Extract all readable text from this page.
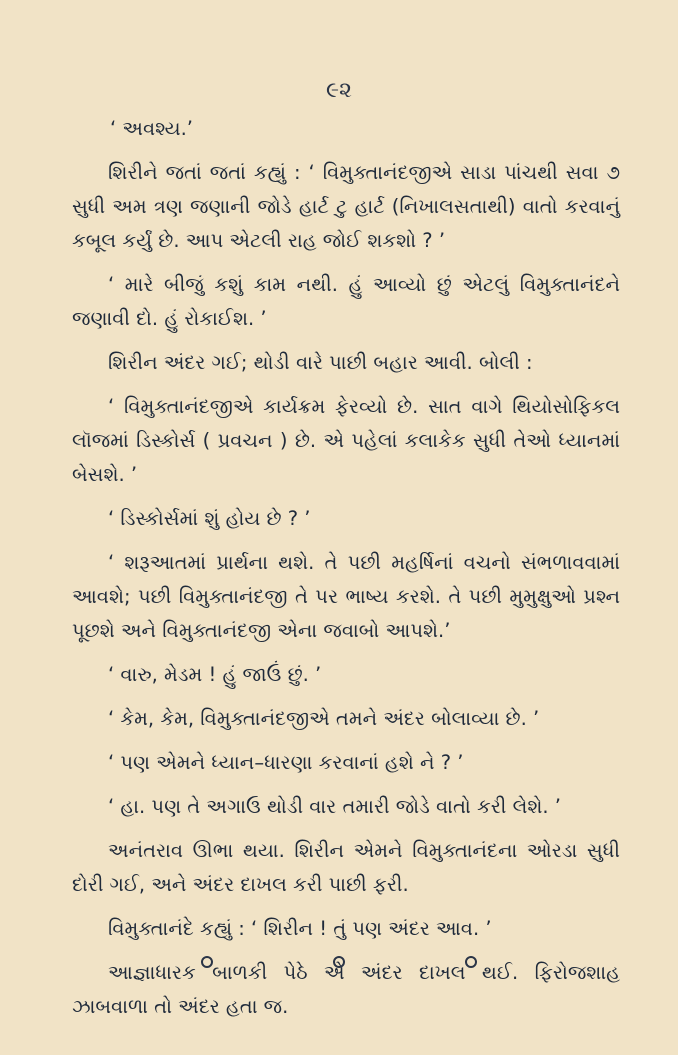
૯૨

‘ અવશ્ય.’

શિરીને જતાં જતાં કહ્યું : ‘ વિમુક્તાનંદજીએ સાડા પાંચથી સવા ૭ સુધી અમ ત્રણ જણાની જોડે હાર્ટ ટુ હાર્ટ (નિખાલસતાથી) વાતો કરવાનું કબૂલ કર્યું છે. આપ એટલી રાહ જોઈ શકશો ? ’

‘ મારે બીજું કશું કામ નથી. હું આવ્યો છું એટલું વિમુક્તાનંદને જણાવી દો. હું રોકાઈશ. ’

શિરીન અંદર ગઈ; થોડી વારે પાછી બહાર આવી. બોલી :

‘ વિમુક્તાનંદજીએ કાર્યક્રમ ફેરવ્યો છે. સાત વાગે થિયોસોફિકલ લૉજમાં ડિસ્કોર્સ ( પ્રવચન ) છે. એ પહેલાં કલાકેક સુધી તેઓ ધ્યાનમાં બેસશે. ’

‘ ડિસ્કોર્સમાં શું હોય છે ? ’

‘ શરૂઆતમાં પ્રાર્થના થશે. તે પછી મહર્ષિનાં વચનો સંભળાવવામાં આવશે; પછી વિમુક્તાનંદજી તે પર ભાષ્ય કરશે. તે પછી મુમુક્ષુઓ પ્રશ્ન પૂછશે અને વિમુક્તાનંદજી એના જવાબો આપશે.’

‘ વારુ, મેડમ ! હું જાઉં છું. ’

‘ કેમ, કેમ, વિમુક્તાનંદજીએ તમને અંદર બોલાવ્યા છે. ’

‘ પણ એમને ધ્યાન–ધારણા કરવાનાં હશે ને ? ’

‘ હા. પણ તે અગાઉ થોડી વાર તમારી જોડે વાતો કરી લેશે. ’

અનંતરાવ ઊભા થયા. શિરીન એમને વિમુક્તાનંદના ઓરડા સુધી દોરી ગઈ, અને અંદર દાખલ કરી પાછી ફરી.

વિમુક્તાનંદે કહ્યું : ‘ શિરીન ! તું પણ અંદર આવ. ’

આજ્ઞાધારક બાળકી પેઠે એ અંદર દાખલ થઈ. ફિરોજશાહ ઝાબવાળા તો અંદર હતા જ.
